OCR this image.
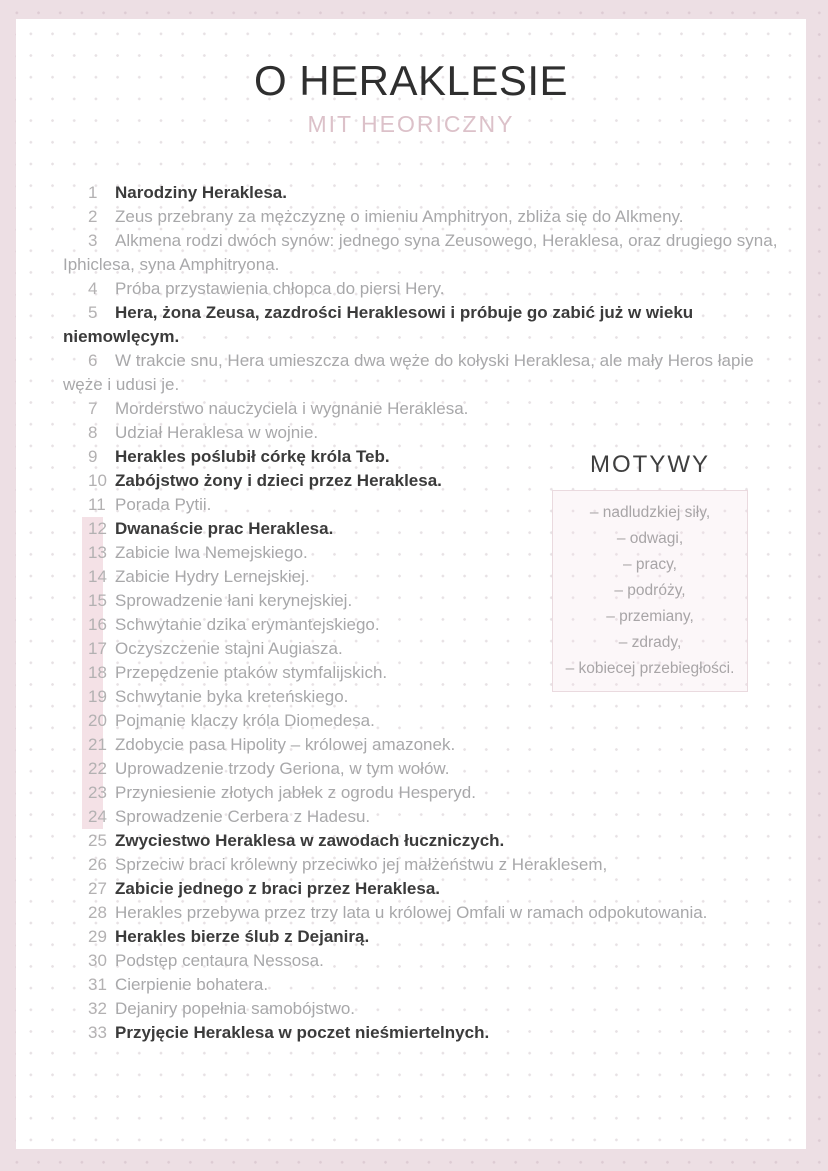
O HERAKLESIE
MIT HEORICZNY

1 Narodziny Heraklesa.

2 Zeus przebrany za mężczyznę o imieniu Amphitryon, zbliża się do Alkmeny.

3 Alkmena rodzi dwóch synów: jednego syna Zeusowego, Heraklesa, oraz drugiego syna, Iphiclesa, syna Amphitryona.

4 Próba przystawienia chłopca do piersi Hery.

5 Hera, żona Zeusa, zazdrości Heraklesowi i próbuje go zabić już w wieku niemowlęcym.

6 W trakcie snu, Hera umieszcza dwa węże do kołyski Heraklesa, ale mały Heros łapie węże i udusi je.

7 Morderstwo nauczyciela i wygnanie Heraklesa.

8 Udział Heraklesa w wojnie.

9 Herakles poślubił córkę króla Teb.

10 Zabójstwo żony i dzieci przez Heraklesa.

11 Porada Pytii.

12 Dwanaście prac Heraklesa.

13 Zabicie lwa Nemejskiego.

14 Zabicie Hydry Lernejskiej.

15 Sprowadzenie łani kerynejskiej.

16 Schwytanie dzika erymantejskiego.

17 Oczyszczenie stajni Augiasza.

18 Przepędzenie ptaków stymfalijskich.

19 Schwytanie byka kreteńskiego.

20 Pojmanie klaczy króla Diomedesa.

21 Zdobycie pasa Hipolity – królowej amazonek.

22 Uprowadzenie trzody Geriona, w tym wołów.

23 Przyniesienie złotych jabłek z ogrodu Hesperyd.

24 Sprowadzenie Cerbera z Hadesu.

25 Zwyciestwo Heraklesa w zawodach łuczniczych.

26 Sprzeciw braci królewny przeciwko jej małżeństwu z Heraklesem,

27 Zabicie jednego z braci przez Heraklesa.

28 Herakles przebywa przez trzy lata u królowej Omfali w ramach odpokutowania.

29 Herakles bierze ślub z Dejanirą.

30 Podstęp centaura Nessosa.

31 Cierpienie bohatera.

32 Dejaniry popełnia samobójstwo.

33 Przyjęcie Heraklesa w poczet nieśmiertelnych.

MOTYWY

– nadludzkiej siły,

– odwagi,

– pracy,

– podróży,

– przemiany,

– zdrady,

– kobiecej przebiegłości.
